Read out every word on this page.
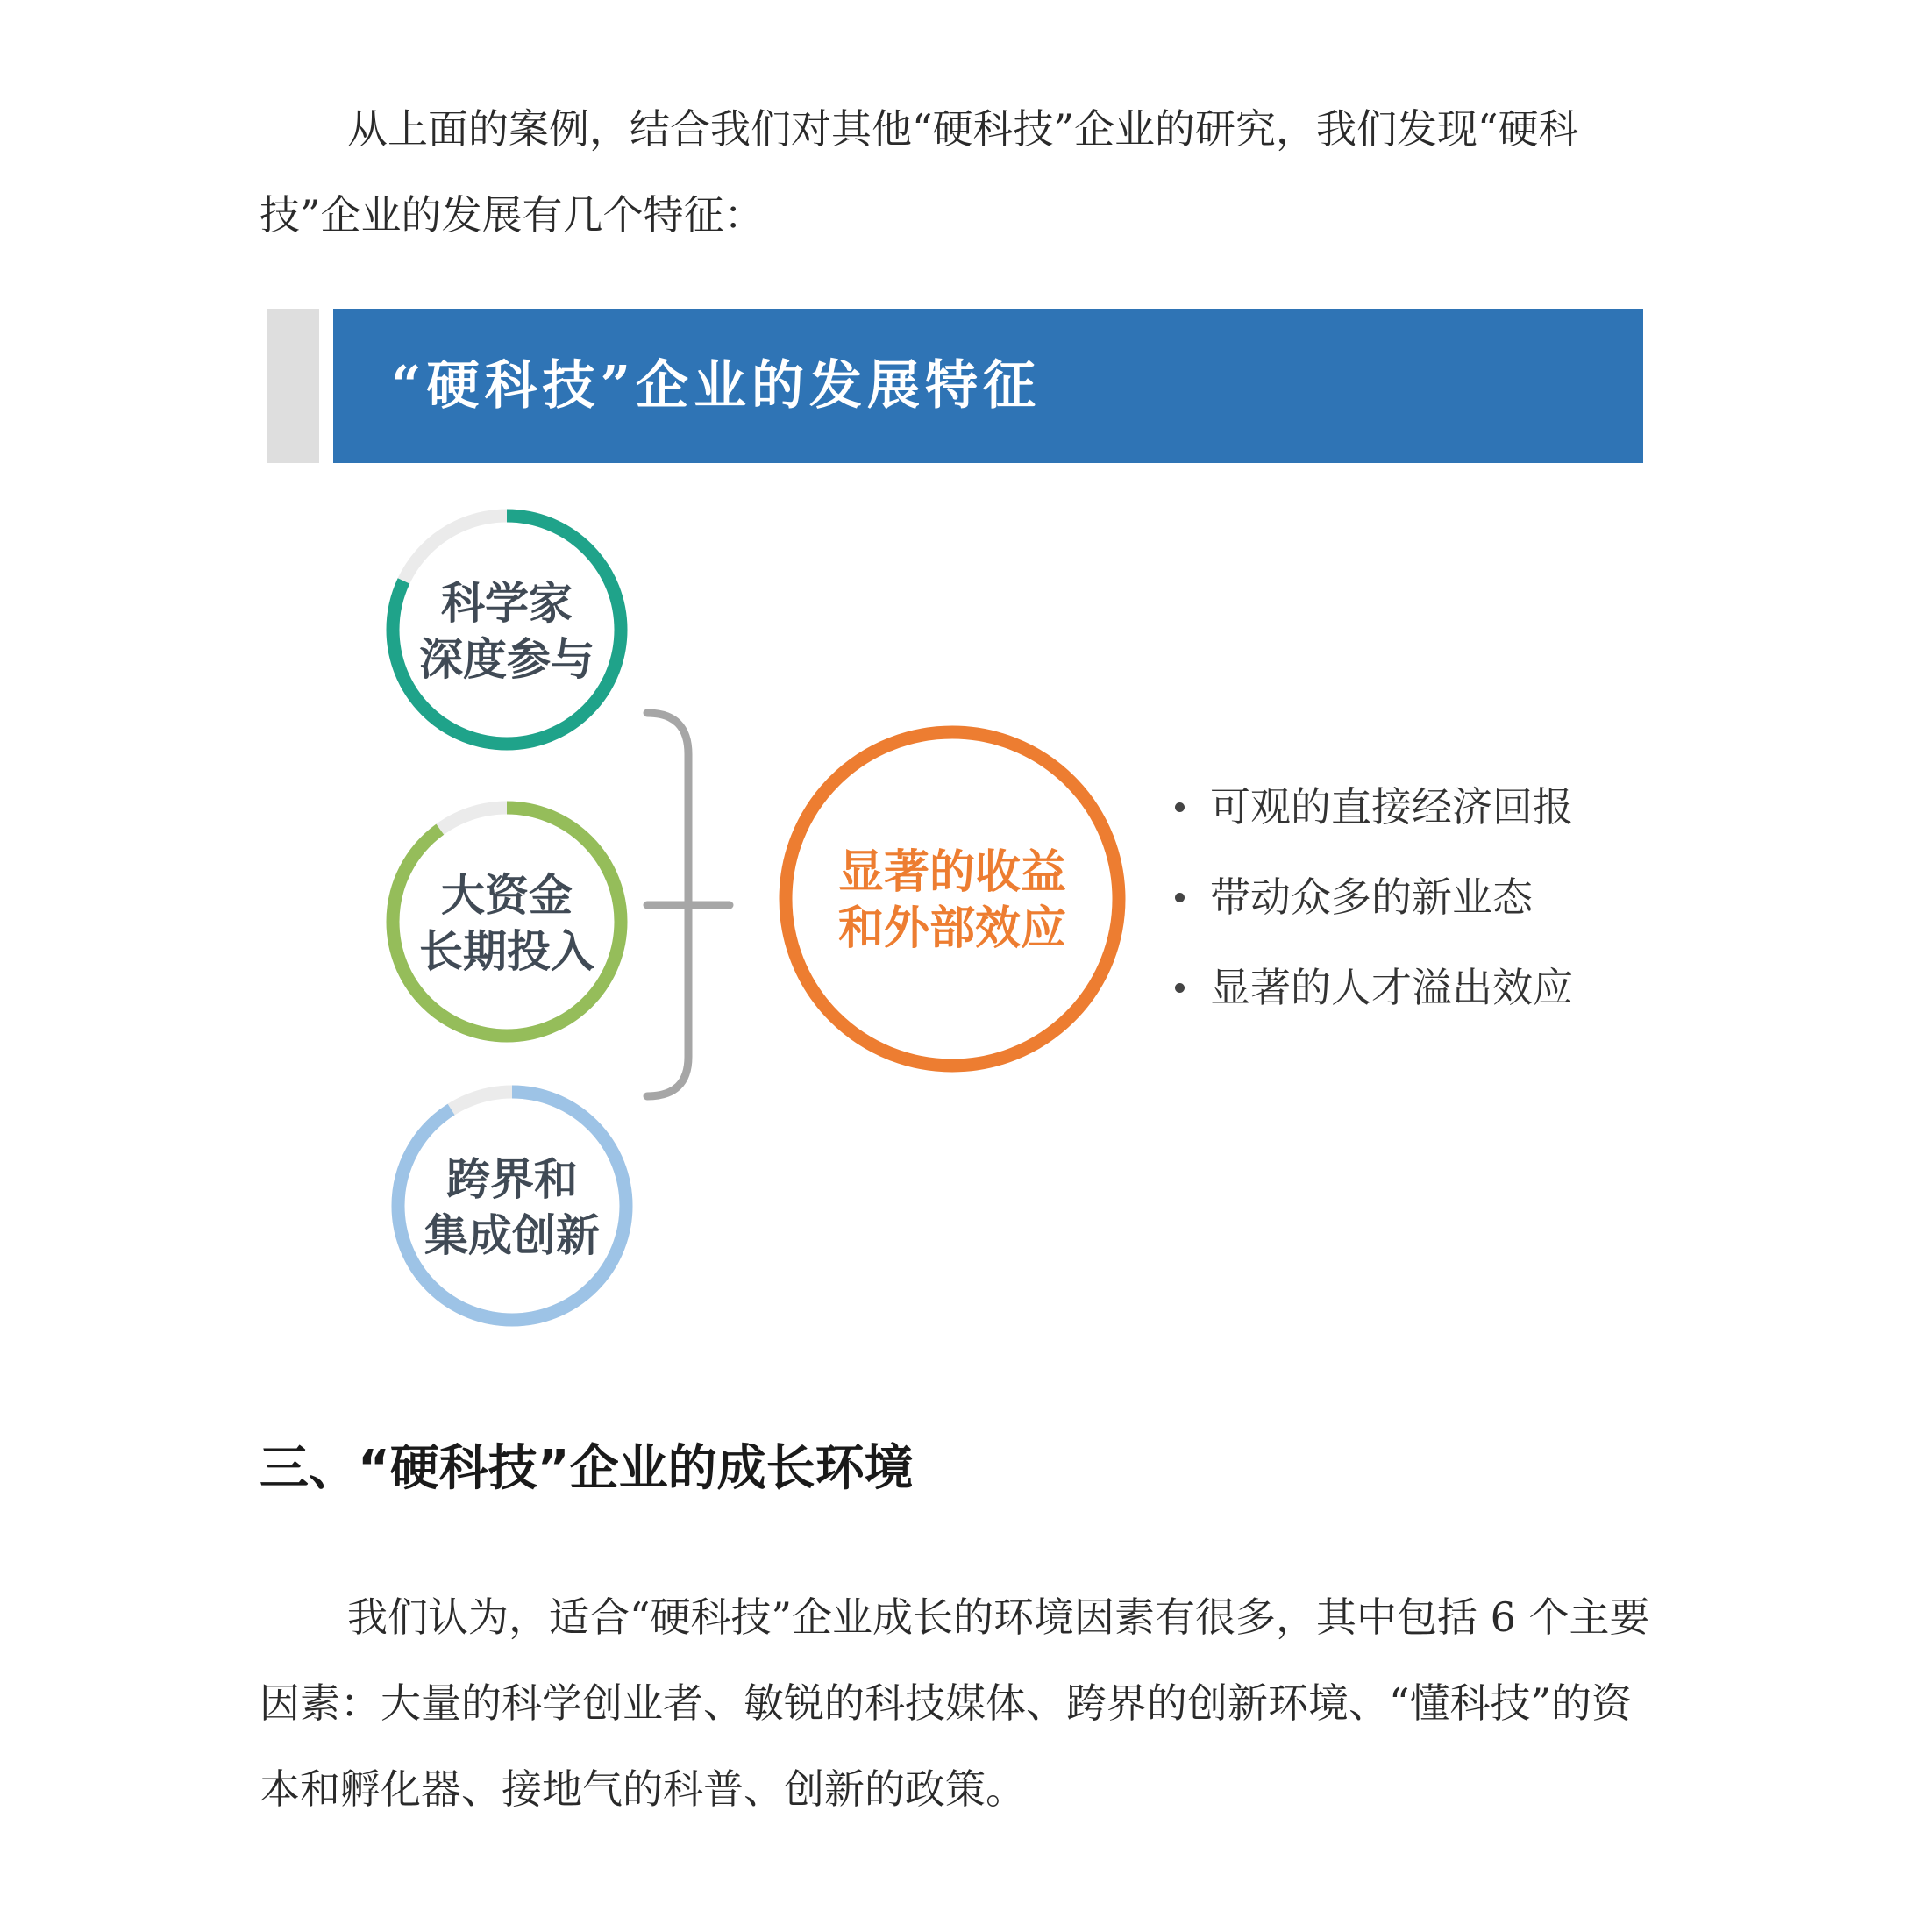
从上面的案例，结合我们对其他“硬科技”企业的研究，我们发现“硬科技”企业的发展有几个特征：

“硬科技”企业的发展特征

科学家
深度参与
大资金
长期投入
跨界和
集成创新
显著的收益
和外部效应
可观的直接经济回报
带动众多的新业态
显著的人才溢出效应
三、“硬科技”企业的成长环境

我们认为，适合“硬科技”企业成长的环境因素有很多，其中包括 6 个主要因素：大量的科学创业者、敏锐的科技媒体、跨界的创新环境、“懂科技”的资本和孵化器、接地气的科普、创新的政策。
